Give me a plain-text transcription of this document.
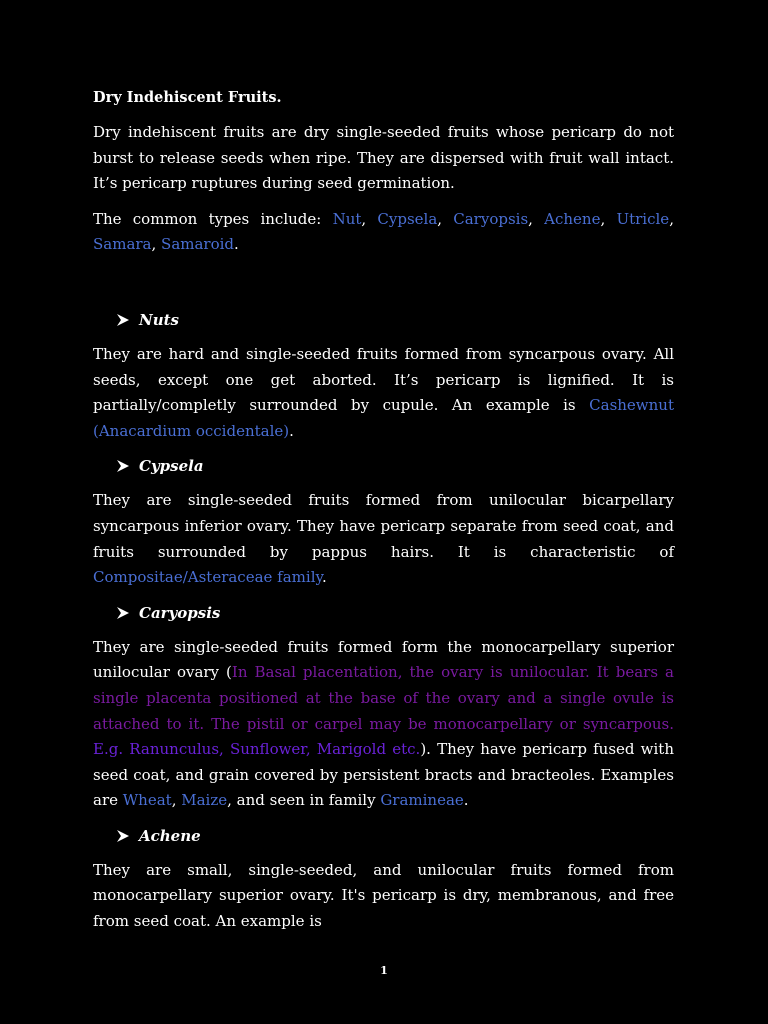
Dry Indehiscent Fruits.

Dry indehiscent fruits are dry single-seeded fruits whose pericarp do not burst to release seeds when ripe. They are dispersed with fruit wall intact. It’s pericarp ruptures during seed germination.

The common types include: Nut, Cypsela, Caryopsis, Achene, Utricle, Samara, Samaroid.

Nuts

They are hard and single-seeded fruits formed from syncarpous ovary. All seeds, except one get aborted. It’s pericarp is lignified. It is partially/completly surrounded by cupule. An example is Cashewnut (Anacardium occidentale).

Cypsela

They are single-seeded fruits formed from unilocular bicarpellary syncarpous inferior ovary. They have pericarp separate from seed coat, and fruits surrounded by pappus hairs. It is characteristic of Compositae/Asteraceae family.

Caryopsis

They are single-seeded fruits formed form the monocarpellary superior unilocular ovary (In Basal placentation, the ovary is unilocular. It bears a single placenta positioned at the base of the ovary and a single ovule is attached to it. The pistil or carpel may be monocarpellary or syncarpous. E.g. Ranunculus, Sunflower, Marigold etc.). They have pericarp fused with seed coat, and grain covered by persistent bracts and bracteoles. Examples are Wheat, Maize, and seen in family Gramineae.

Achene

They are small, single-seeded, and unilocular fruits formed from monocarpellary superior ovary. It's pericarp is dry, membranous, and free from seed coat. An example is

1
